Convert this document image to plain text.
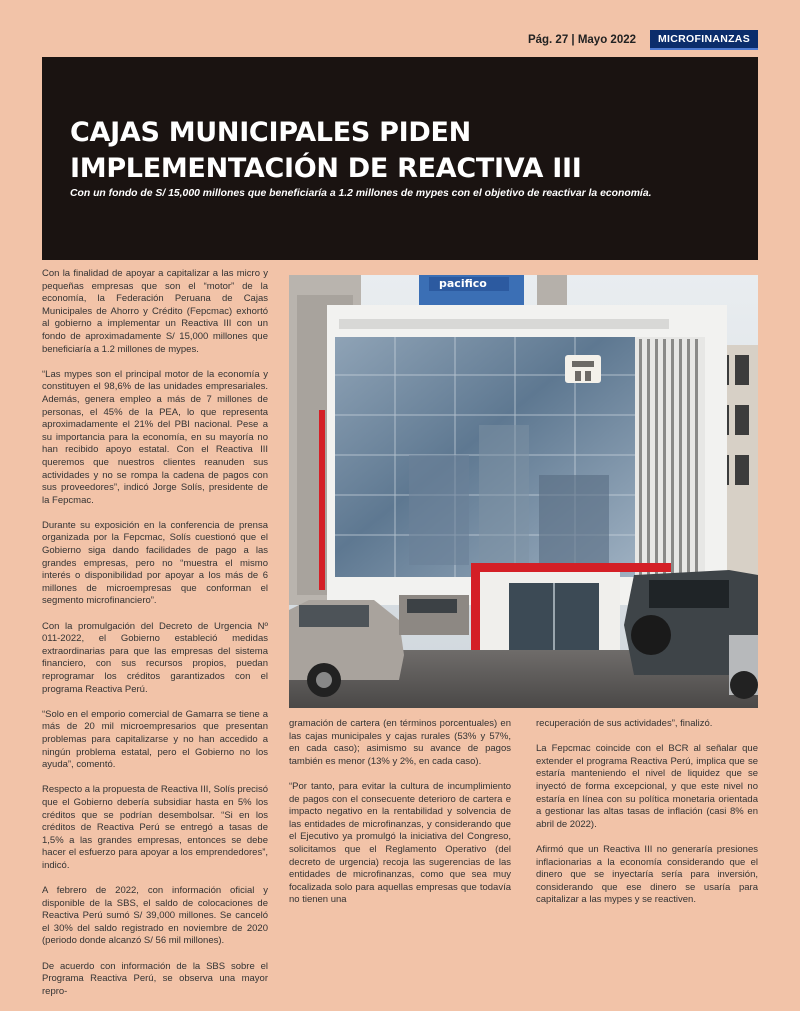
Pág. 27 | Mayo 2022	MICROFINANZAS
CAJAS MUNICIPALES PIDEN IMPLEMENTACIÓN DE REACTIVA III

Con un fondo de S/ 15,000 millones que beneficiaría a 1.2 millones de mypes con el objetivo de reactivar la economía.

Con la finalidad de apoyar a capitalizar a las micro y pequeñas empresas que son el “motor” de la economía, la Federación Peruana de Cajas Municipales de Ahorro y Crédito (Fepcmac) exhortó al gobierno a implementar un Reactiva III con un fondo de aproximadamente S/ 15,000 millones que beneficiaría a 1.2 millones de mypes.

“Las mypes son el principal motor de la economía y constituyen el 98,6% de las unidades empresariales. Además, genera empleo a más de 7 millones de personas, el 45% de la PEA, lo que representa aproximadamente el 21% del PBI nacional. Pese a su importancia para la economía, en su mayoría no han recibido apoyo estatal. Con el Reactiva III queremos que nuestros clientes reanuden sus actividades y no se rompa la cadena de pagos con sus proveedores”, indicó Jorge Solís, presidente de la Fepcmac.

Durante su exposición en la conferencia de prensa organizada por la Fepcmac, Solís cuestionó que el Gobierno siga dando facilidades de pago a las grandes empresas, pero no “muestra el mismo interés o disponibilidad por apoyar a los más de 6 millones de microempresas que conforman el segmento microfinanciero”.

Con la promulgación del Decreto de Urgencia Nº 011-2022, el Gobierno estableció medidas extraordinarias para que las empresas del sistema financiero, con sus recursos propios, puedan reprogramar los créditos garantizados con el programa Reactiva Perú.

“Solo en el emporio comercial de Gamarra se tiene a más de 20 mil microempresarios que presentan problemas para capitalizarse y no han accedido a ningún problema estatal, pero el Gobierno no los ayuda”, comentó.

Respecto a la propuesta de Reactiva III, Solís precisó que el Gobierno debería subsidiar hasta en 5% los créditos que se podrían desembolsar. “Si en los créditos de Reactiva Perú se entregó a tasas de 1,5% a las grandes empresas, entonces se debe hacer el esfuerzo para apoyar a los emprendedores”, indicó.

A febrero de 2022, con información oficial y disponible de la SBS, el saldo de colocaciones de Reactiva Perú sumó S/ 39,000 millones. Se canceló el 30% del saldo registrado en noviembre de 2020 (periodo donde alcanzó S/ 56 mil millones).

De acuerdo con información de la SBS sobre el Programa Reactiva Perú, se observa una mayor repro-

pacifico

gramación de cartera (en términos porcentuales) en las cajas municipales y cajas rurales (53% y 57%, en cada caso); asimismo su avance de pagos también es menor (13% y 2%, en cada caso).

“Por tanto, para evitar la cultura de incumplimiento de pagos con el consecuente deterioro de cartera e impacto negativo en la rentabilidad y solvencia de las entidades de microfinanzas, y considerando que el Ejecutivo ya promulgó la iniciativa del Congreso, solicitamos que el Reglamento Operativo (del decreto de urgencia) recoja las sugerencias de las entidades de microfinanzas, como que sea muy focalizada solo para aquellas empresas que todavía no tienen una

recuperación de sus actividades”, finalizó.

La Fepcmac coincide con el BCR al señalar que extender el programa Reactiva Perú, implica que se estaría manteniendo el nivel de liquidez que se inyectó de forma excepcional, y que este nivel no estaría en línea con su política monetaria orientada a gestionar las altas tasas de inflación (casi 8% en abril de 2022).

Afirmó que un Reactiva III no generaría presiones inflacionarias a la economía considerando que el dinero que se inyectaría sería para inversión, considerando que ese dinero se usaría para capitalizar a las mypes y se reactiven.
